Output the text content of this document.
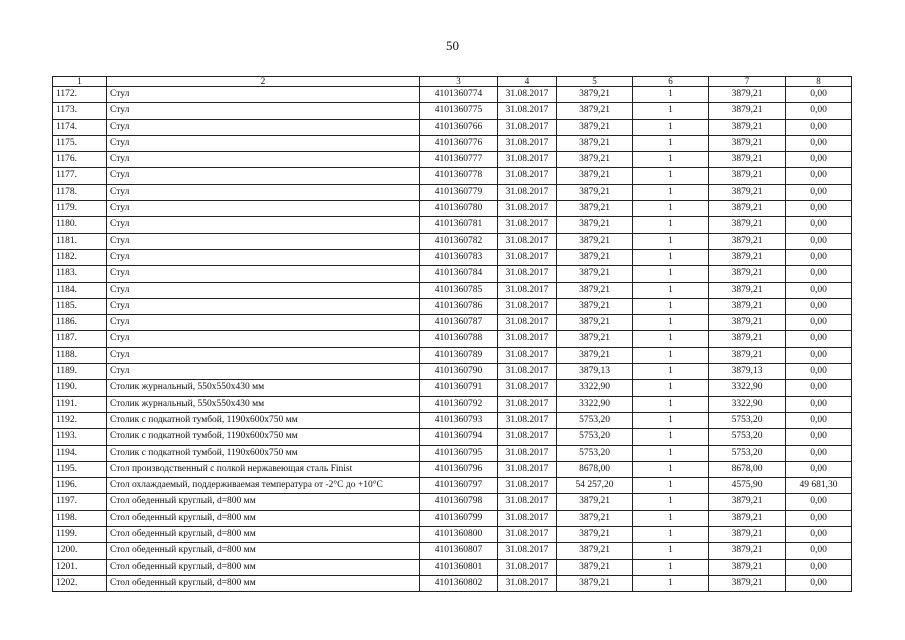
50
1	2	3	4	5	6	7	8
1172.	Стул	4101360774	31.08.2017	3879,21	1	3879,21	0,00
1173.	Стул	4101360775	31.08.2017	3879,21	1	3879,21	0,00
1174.	Стул	4101360766	31.08.2017	3879,21	1	3879,21	0,00
1175.	Стул	4101360776	31.08.2017	3879,21	1	3879,21	0,00
1176.	Стул	4101360777	31.08.2017	3879,21	1	3879,21	0,00
1177.	Стул	4101360778	31.08.2017	3879,21	1	3879,21	0,00
1178.	Стул	4101360779	31.08.2017	3879,21	1	3879,21	0,00
1179.	Стул	4101360780	31.08.2017	3879,21	1	3879,21	0,00
1180.	Стул	4101360781	31.08.2017	3879,21	1	3879,21	0,00
1181.	Стул	4101360782	31.08.2017	3879,21	1	3879,21	0,00
1182.	Стул	4101360783	31.08.2017	3879,21	1	3879,21	0,00
1183.	Стул	4101360784	31.08.2017	3879,21	1	3879,21	0,00
1184.	Стул	4101360785	31.08.2017	3879,21	1	3879,21	0,00
1185.	Стул	4101360786	31.08.2017	3879,21	1	3879,21	0,00
1186.	Стул	4101360787	31.08.2017	3879,21	1	3879,21	0,00
1187.	Стул	4101360788	31.08.2017	3879,21	1	3879,21	0,00
1188.	Стул	4101360789	31.08.2017	3879,21	1	3879,21	0,00
1189.	Стул	4101360790	31.08.2017	3879,13	1	3879,13	0,00
1190.	Столик журнальный, 550х550х430 мм	4101360791	31.08.2017	3322,90	1	3322,90	0,00
1191.	Столик журнальный, 550х550х430 мм	4101360792	31.08.2017	3322,90	1	3322,90	0,00
1192.	Столик с подкатной тумбой, 1190х600х750 мм	4101360793	31.08.2017	5753,20	1	5753,20	0,00
1193.	Столик с подкатной тумбой, 1190х600х750 мм	4101360794	31.08.2017	5753,20	1	5753,20	0,00
1194.	Столик с подкатной тумбой, 1190х600х750 мм	4101360795	31.08.2017	5753,20	1	5753,20	0,00
1195.	Стол производственный с полкой нержавеющая сталь Finist	4101360796	31.08.2017	8678,00	1	8678,00	0,00
1196.	Стол охлаждаемый, поддерживаемая температура от -2°С до +10°С	4101360797	31.08.2017	54 257,20	1	4575,90	49 681,30
1197.	Стол обеденный круглый, d=800 мм	4101360798	31.08.2017	3879,21	1	3879,21	0,00
1198.	Стол обеденный круглый, d=800 мм	4101360799	31.08.2017	3879,21	1	3879,21	0,00
1199.	Стол обеденный круглый, d=800 мм	4101360800	31.08.2017	3879,21	1	3879,21	0,00
1200.	Стол обеденный круглый, d=800 мм	4101360807	31.08.2017	3879,21	1	3879,21	0,00
1201.	Стол обеденный круглый, d=800 мм	4101360801	31.08.2017	3879,21	1	3879,21	0,00
1202.	Стол обеденный круглый, d=800 мм	4101360802	31.08.2017	3879,21	1	3879,21	0,00
